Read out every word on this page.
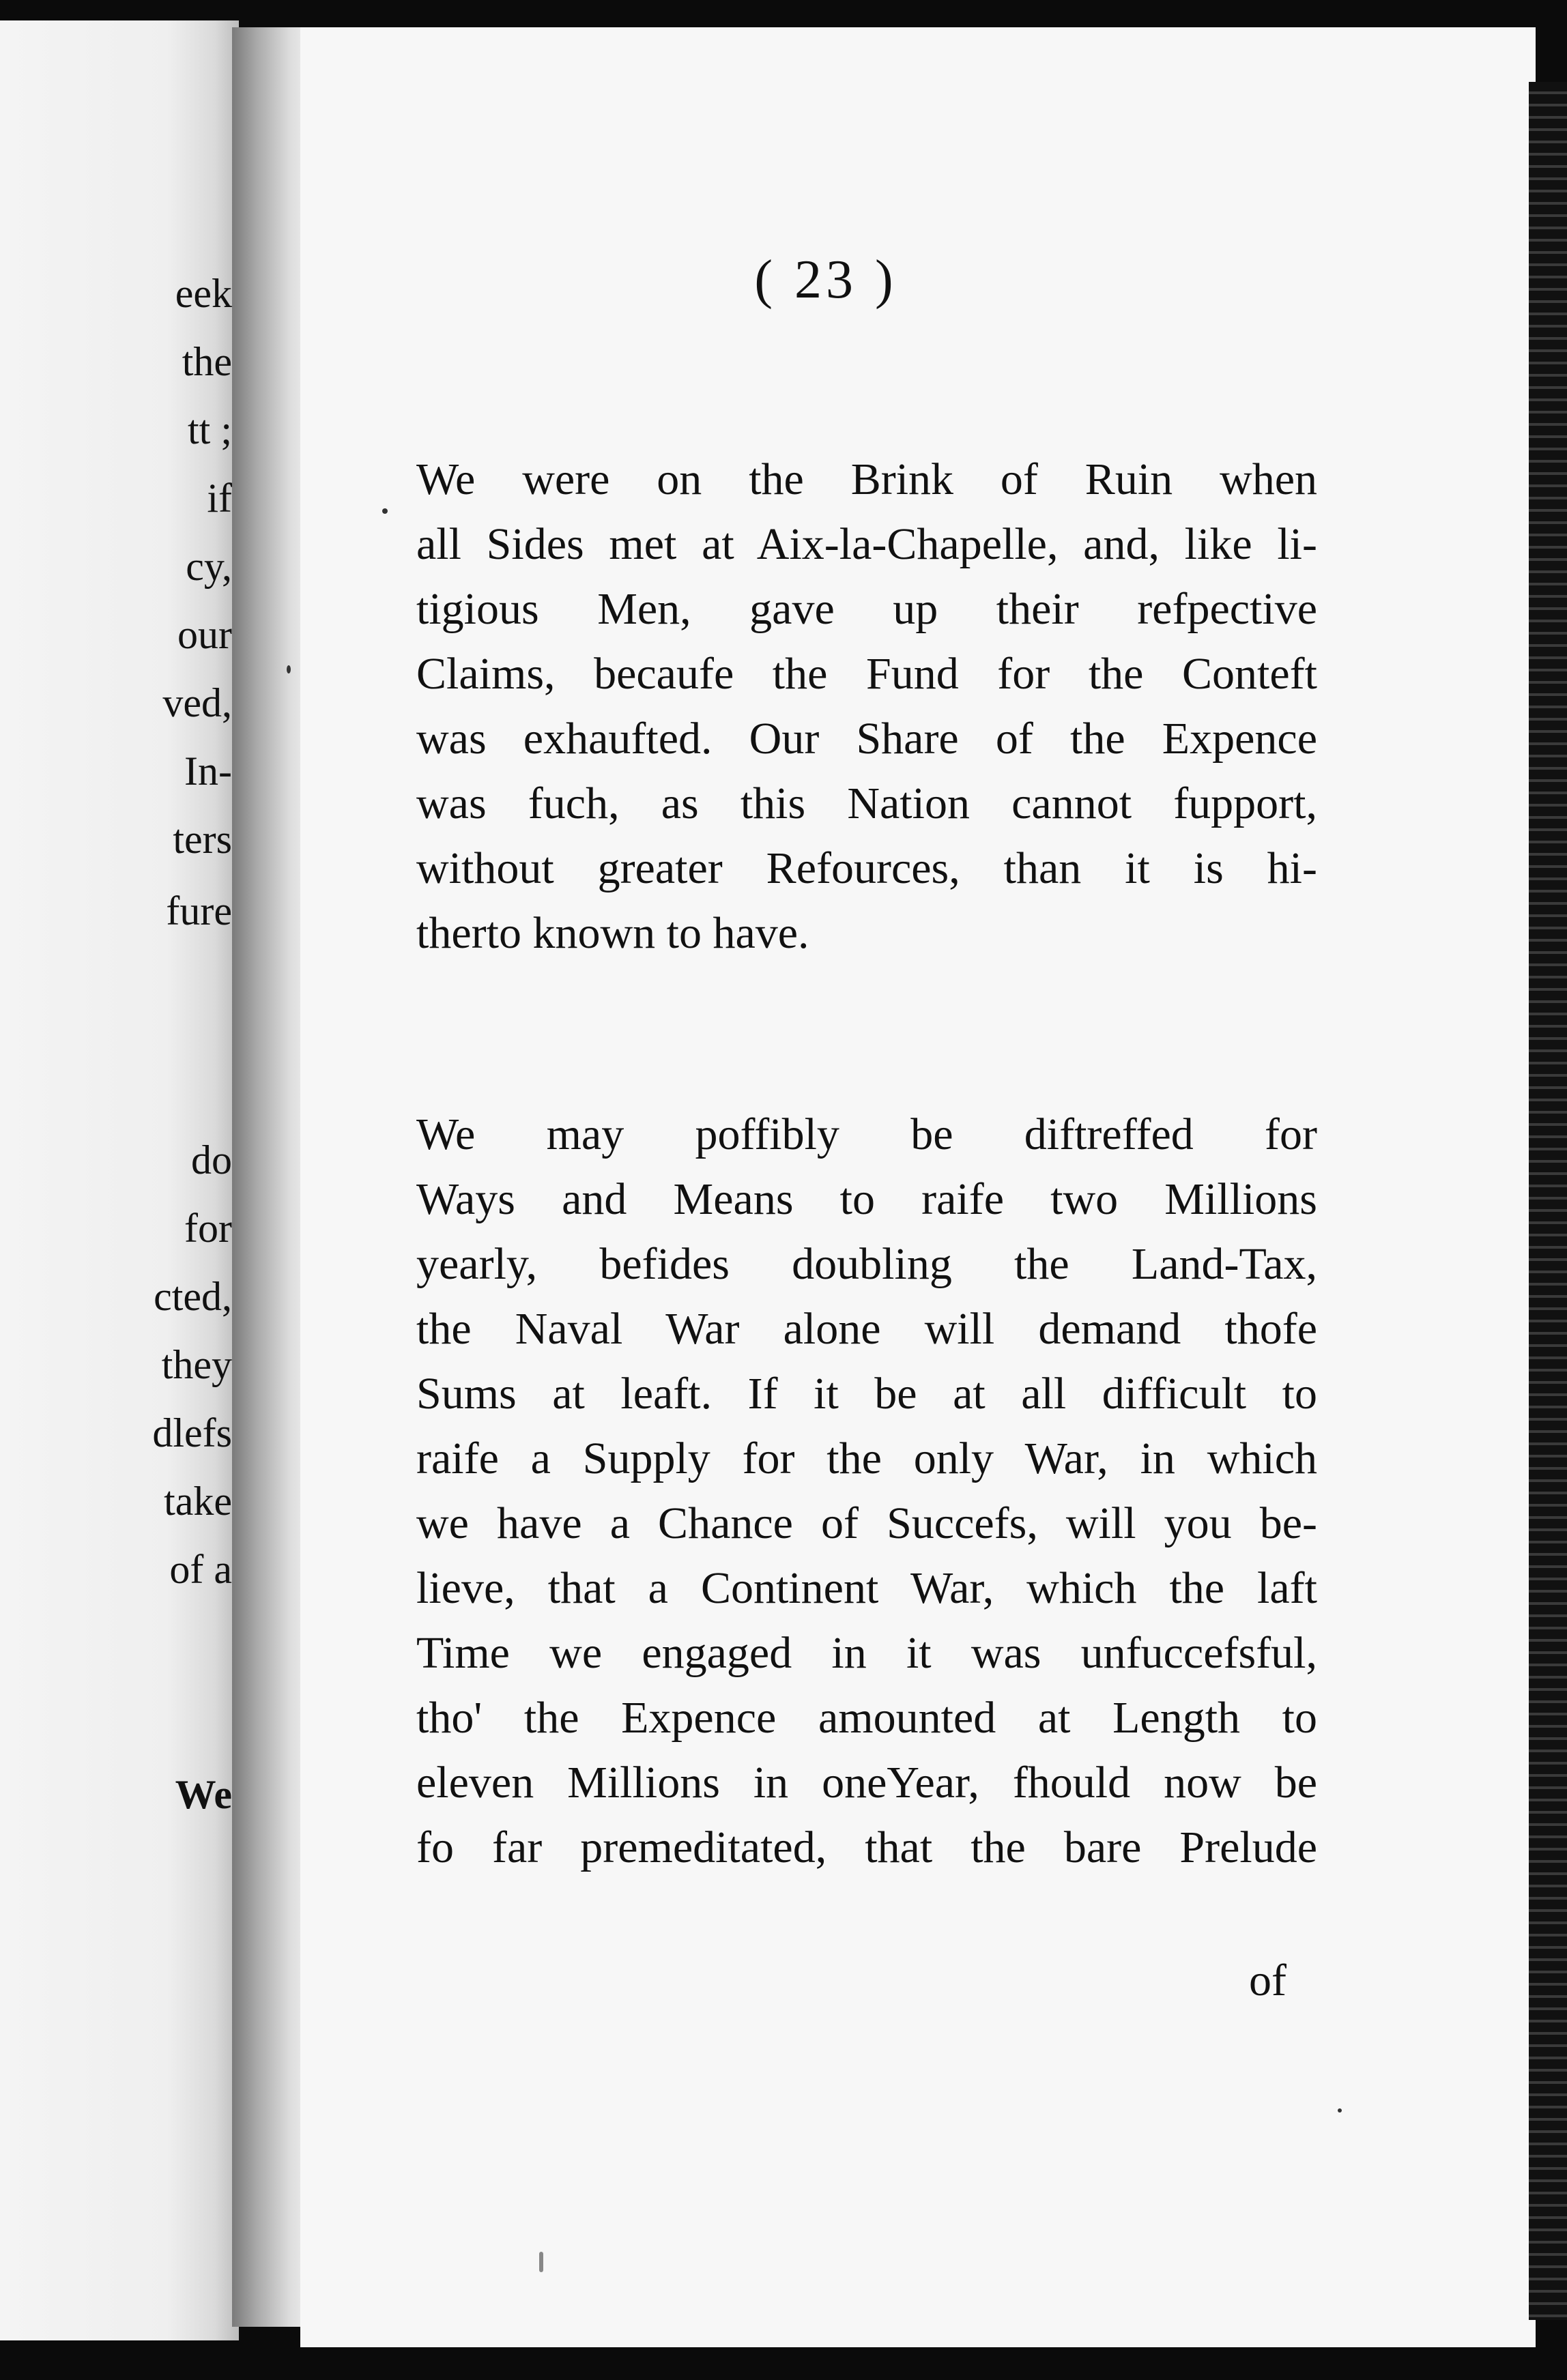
eek
the
tt ;
if
cy,
our
ved,
In-
ters
fure
do
for
cted,
they
dlefs
take
of a
We
( 23 )
We were on the Brink of Ruin when
all Sides met at Aix-la-Chapelle, and, like li-
tigious Men, gave up their refpective
Claims, becaufe the Fund for the Conteft
was exhaufted. Our Share of the Expence
was fuch, as this Nation cannot fupport,
without greater Refources, than it is hi-
therto known to have.
We may poffibly be diftreffed for
Ways and Means to raife two Millions
yearly, befides doubling the Land-Tax,
the Naval War alone will demand thofe
Sums at leaft. If it be at all difficult to
raife a Supply for the only War, in which
we have a Chance of Succefs, will you be-
lieve, that a Continent War, which the laft
Time we engaged in it was unfuccefsful,
tho' the Expence amounted at Length to
eleven Millions in oneYear, fhould now be
fo far premeditated, that the bare Prelude
of
